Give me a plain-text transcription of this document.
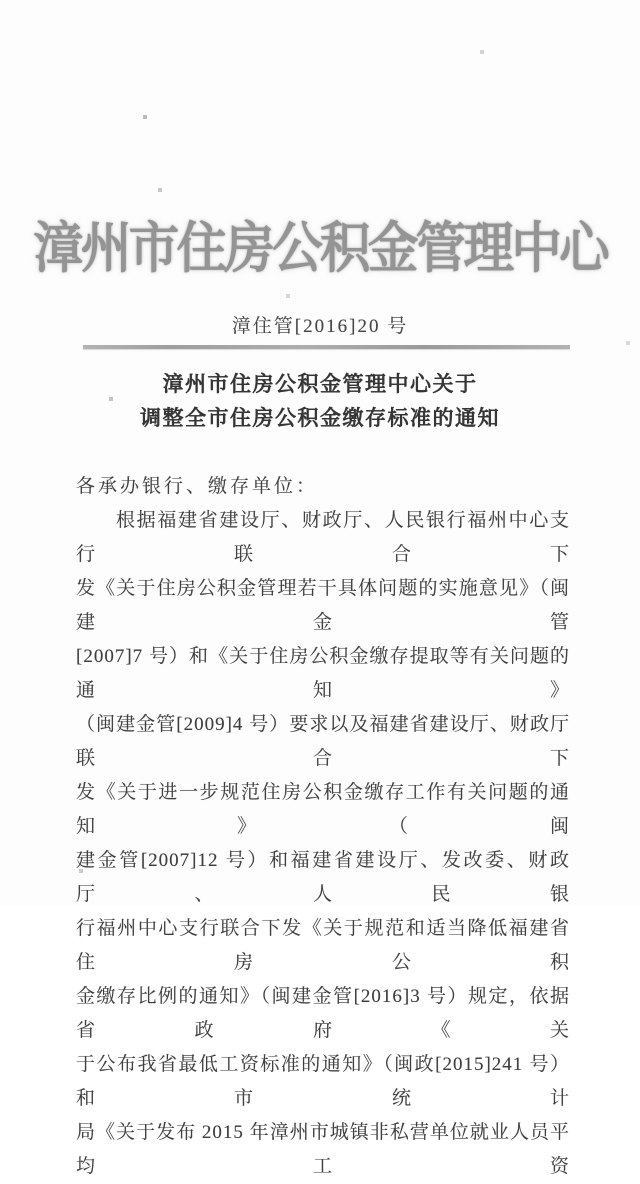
漳州市住房公积金管理中心
漳住管[2016]20 号
漳州市住房公积金管理中心关于
调整全市住房公积金缴存标准的通知
各承办银行、缴存单位：
根据福建省建设厅、财政厅、人民银行福州中心支行联合下
发《关于住房公积金管理若干具体问题的实施意见》（闽建金管
[2007]7 号）和《关于住房公积金缴存提取等有关问题的通知》
（闽建金管[2009]4 号）要求以及福建省建设厅、财政厅联合下
发《关于进一步规范住房公积金缴存工作有关问题的通知》（闽
建金管[2007]12 号）和福建省建设厅、发改委、财政厅、人民银
行福州中心支行联合下发《关于规范和适当降低福建省住房公积
金缴存比例的通知》（闽建金管[2016]3 号）规定，依据省政府《关
于公布我省最低工资标准的通知》（闽政[2015]241 号）和市统计
局《关于发布 2015 年漳州市城镇非私营单位就业人员平均工资
